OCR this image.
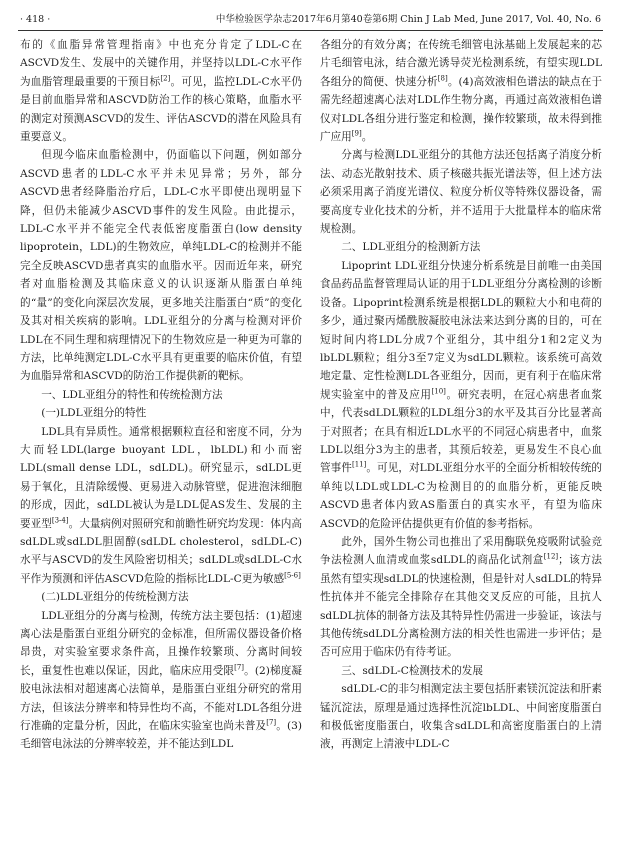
· 418 ·	中华检验医学杂志2017年6月第40卷第6期 Chin J Lab Med, June 2017, Vol. 40, No. 6

布的《血脂异常管理指南》中也充分肯定了LDL-C在ASCVD发生、发展中的关键作用，并坚持以LDL-C水平作为血脂管理最重要的干预目标[2]。可见，监控LDL-C水平仍是目前血脂异常和ASCVD防治工作的核心策略，血脂水平的测定对预测ASCVD的发生、评估ASCVD的潜在风险具有重要意义。

但现今临床血脂检测中，仍面临以下问题，例如部分ASCVD患者的LDL-C水平并未见异常；另外，部分ASCVD患者经降脂治疗后，LDL-C水平即使出现明显下降，但仍未能减少ASCVD事件的发生风险。由此提示，LDL-C水平并不能完全代表低密度脂蛋白(low density lipoprotein，LDL)的生物效应，单纯LDL-C的检测并不能完全反映ASCVD患者真实的血脂水平。因而近年来，研究者对血脂检测及其临床意义的认识逐渐从脂蛋白单纯的“量”的变化向深层次发展，更多地关注脂蛋白“质”的变化及其对相关疾病的影响。LDL亚组分的分离与检测对评价LDL在不同生理和病理情况下的生物效应是一种更为可靠的方法，比单纯测定LDL-C水平具有更重要的临床价值，有望为血脂异常和ASCVD的防治工作提供新的靶标。

一、LDL亚组分的特性和传统检测方法
(一)LDL亚组分的特性

LDL具有异质性。通常根据颗粒直径和密度不同，分为大而轻LDL(large buoyant LDL，lbLDL)和小而密LDL(small dense LDL，sdLDL)。研究显示，sdLDL更易于氧化，且清除缓慢、更易进入动脉管壁，促进泡沫细胞的形成，因此，sdLDL被认为是LDL促AS发生、发展的主要亚型[3-4]。大量病例对照研究和前瞻性研究均发现：体内高sdLDL或sdLDL胆固醇(sdLDL cholesterol，sdLDL-C)水平与ASCVD的发生风险密切相关；sdLDL或sdLDL-C水平作为预测和评估ASCVD危险的指标比LDL-C更为敏感[5-6]

(二)LDL亚组分的传统检测方法

LDL亚组分的分离与检测，传统方法主要包括：(1)超速离心法是脂蛋白亚组分研究的金标准，但所需仪器设备价格昂贵，对实验室要求条件高，且操作较繁琐、分离时间较长，重复性也难以保证，因此，临床应用受限[7]。(2)梯度凝胶电泳法相对超速离心法简单，是脂蛋白亚组分研究的常用方法，但该法分辨率和特异性均不高，不能对LDL各组分进行准确的定量分析，因此，在临床实验室也尚未普及[7]。(3)毛细管电泳法的分辨率较差，并不能达到LDL

各组分的有效分离；在传统毛细管电泳基础上发展起来的芯片毛细管电泳，结合激光诱导荧光检测系统，有望实现LDL各组分的简便、快速分析[8]。(4)高效液相色谱法的缺点在于需先经超速离心法对LDL作生物分离，再通过高效液相色谱仪对LDL各组分进行鉴定和检测，操作较繁琐，故未得到推广应用[9]。

分离与检测LDL亚组分的其他方法还包括离子消度分析法、动态光散射技术、质子核磁共振光谱法等，但上述方法必须采用离子消度光谱仪、粒度分析仪等特殊仪器设备，需要高度专业化技术的分析，并不适用于大批量样本的临床常规检测。

二、LDL亚组分的检测新方法

Lipoprint LDL亚组分快速分析系统是目前唯一由美国食品药品监督管理局认证的用于LDL亚组分分离检测的诊断设备。Lipoprint检测系统是根据LDL的颗粒大小和电荷的多少，通过聚丙烯酰胺凝胶电泳法来达到分离的目的，可在短时间内将LDL分成7个亚组分，其中组分1和2定义为lbLDL颗粒；组分3至7定义为sdLDL颗粒。该系统可高效地定量、定性检测LDL各亚组分，因而，更有利于在临床常规实验室中的普及应用[10]。研究表明，在冠心病患者血浆中，代表sdLDL颗粒的LDL组分3的水平及其百分比显著高于对照者；在具有相近LDL水平的不同冠心病患者中，血浆LDL以组分3为主的患者，其预后较差，更易发生不良心血管事件[11]。可见，对LDL亚组分水平的全面分析相较传统的单纯以LDL或LDL-C为检测目的的血脂分析，更能反映ASCVD患者体内致AS脂蛋白的真实水平，有望为临床ASCVD的危险评估提供更有价值的参考指标。

此外，国外生物公司也推出了采用酶联免疫吸附试验竞争法检测人血清或血浆sdLDL的商品化试剂盒[12]；该方法虽然有望实现sdLDL的快速检测，但是针对人sdLDL的特异性抗体并不能完全排除存在其他交叉反应的可能，且抗人sdLDL抗体的制备方法及其特异性仍需进一步验证，该法与其他传统sdLDL分离检测方法的相关性也需进一步评估；是否可应用于临床仍有待考证。

三、sdLDL-C检测技术的发展

sdLDL-C的非匀相测定法主要包括肝素镁沉淀法和肝素锰沉淀法，原理是通过选择性沉淀lbLDL、中间密度脂蛋白和极低密度脂蛋白，收集含sdLDL和高密度脂蛋白的上清液，再测定上清液中LDL-C
